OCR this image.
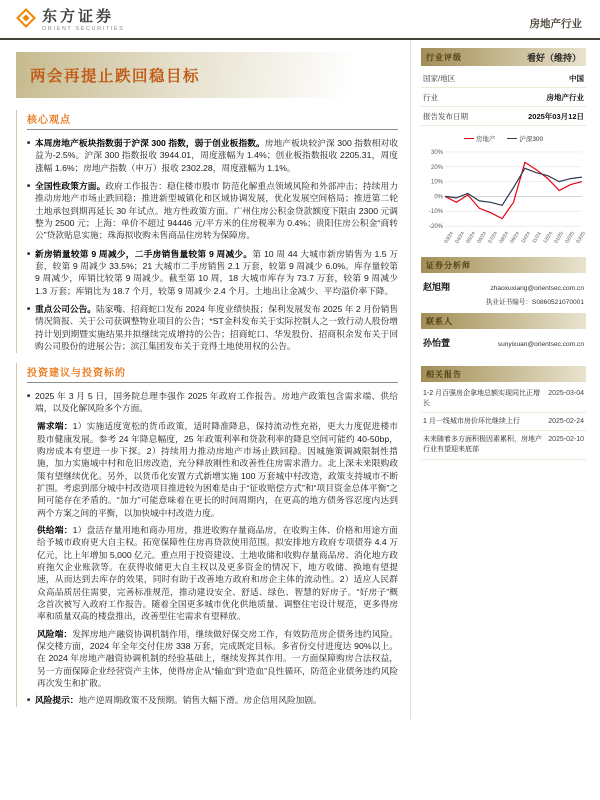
东方证券
ORIENT SECURITIES	房地产行业
两会再提止跌回稳目标
核心观点
■ 本周房地产板块指数弱于沪深 300 指数，弱于创业板指数。房地产板块较沪深 300 指数相对收益为-2.5%。沪深 300 指数报收 3944.01，周度涨幅为 1.4%；创业板指数报收 2205.31，周度涨幅 1.6%；房地产指数（申万）报收 2302.28，周度涨幅为 1.1%。

■ 全国性政策方面。政府工作报告：稳住楼市股市 防范化解重点领域风险和外部冲击；持续用力推动房地产市场止跌回稳；推进新型城镇化和区域协调发展，优化发展空间格局；推进第二轮土地承包到期再延长 30 年试点。地方性政策方面。广州住房公积金贷款额度下限由 2300 元调整为 2500 元；上海：单价不超过 94446 元/平方米的住房税率为 0.4%；贵阳住房公积金“商转公”贷款贴息实施；珠海拟收购未售商品住房转为保障房。

■ 新房销量较第 9 周减少，二手房销售量较第 9 周减少。第 10 周 44 大城市新房销售为 1.5 万套，较第 9 周减少 33.5%；21 大城市二手房销售 2.1 万套，较第 9 周减少 6.0%。库存量较第 9 周减少，库销比较第 9 周减少。截至第 10 周，18 大城市库存为 73.7 万套，较第 9 周减少 1.3 万套；库销比为 18.7 个月，较第 9 周减少 2.4 个月。土地出让金减少、平均溢价率下降。

■ 重点公司公告。陆家嘴、招商蛇口发布 2024 年度业绩快报；保利发展发布 2025 年 2 月份销售情况简报、关于公司获调整物业项目的公告；*ST金科发布关于实际控制人之一致行动人股份增持计划到期暨实施结果并拟继续完成增持的公告；招商蛇口、华发股份、招商积余发布关于回购公司股份的进展公告；滨江集团发布关于竞得土地使用权的公告。

投资建议与投资标的
■ 2025 年 3 月 5 日，国务院总理李强作 2025 年政府工作报告。房地产政策包含需求端、供给端，以及化解风险多个方面。

需求端：1）实施适度宽松的货币政策，适时降准降息，保持流动性充裕，更大力度促进楼市股市健康发展。参考 24 年降息幅度，25 年政策利率和贷款利率的降息空间可能约 40-50bp，购房成本有望进一步下探。2）持续用力推动房地产市场止跌回稳。因城施策调减限制性措施，加力实施城中村和危旧房改造，充分释放刚性和改善性住房需求潜力。北上深未来限购政策有望继续优化。另外，以货币化安置方式新增实施 100 万套城中村改造，政策支持城市不断扩围。考虑到部分城中村改造项目推进较为困难是由于“征收赔偿方式”和“项目资金总体平衡”之间可能存在矛盾的。“加力”可能意味着在更长的时间周期内，在更高的地方债务容忍度内达到两个方案之间的平衡，以加快城中村改造力度。

供给端：1）盘活存量用地和商办用房，推进收购存量商品房，在收购主体、价格和用途方面给予城市政府更大自主权。拓宽保障性住房再贷款使用范围。拟安排地方政府专项债券 4.4 万亿元，比上年增加 5,000 亿元。重点用于投资建设、土地收储和收购存量商品房、消化地方政府拖欠企业账款等。在获得收储更大自主权以及更多资金的情况下，地方收储、换地有望提速，从而达到去库存的效果，同时有助于改善地方政府和房企主体的流动性。2）适应人民群众高品质居住需要，完善标准规范，推动建设安全、舒适、绿色、智慧的好房子。“好房子”概念首次被写入政府工作报告。随着全国更多城市优化供地质量、调整住宅设计规范，更多得房率和质量双高的楼盘推出，改善型住宅需求有望释放。

风险端：发挥房地产融资协调机制作用，继续做好保交房工作，有效防范房企债务违约风险。保交楼方面，2024 年全年交付住房 338 万套，完成既定目标。多省份交付进度达 90%以上。在 2024 年房地产融资协调机制的经验基础上，继续发挥其作用。一方面保障购房合法权益，另一方面保障企业经营资产主体，使得房企从“输血”到“造血”良性循环，防范企业债务违约风险再次发生和扩散。

■ 风险提示：地产逆周期政策不及预期。销售大幅下滑。房企信用风险加剧。

行业评级	看好（维持）
国家/地区	中国
行业	房地产行业
报告发布日期	2025年03月12日
房地产	沪深300
30%
20%
10%
0%
-10%
-20%
03/24 04/24 05/24 06/24 07/24 08/24 09/24 10/24 11/24 12/24 01/25 02/25 03/25
证券分析师
赵旭翔	zhaoxuxiang@orientsec.com.cn
执业证书编号：S0860521070001
联系人
孙怡萱	sunyixuan@orientsec.com.cn
相关报告
1-2 月百强房企拿地总额实现同比正增长
2025-03-04
1 月一线城市房价环比继续上行	2025-02-24
未来随着多方面积极因素累积，房地产行业有望迎来底部
2025-02-10
